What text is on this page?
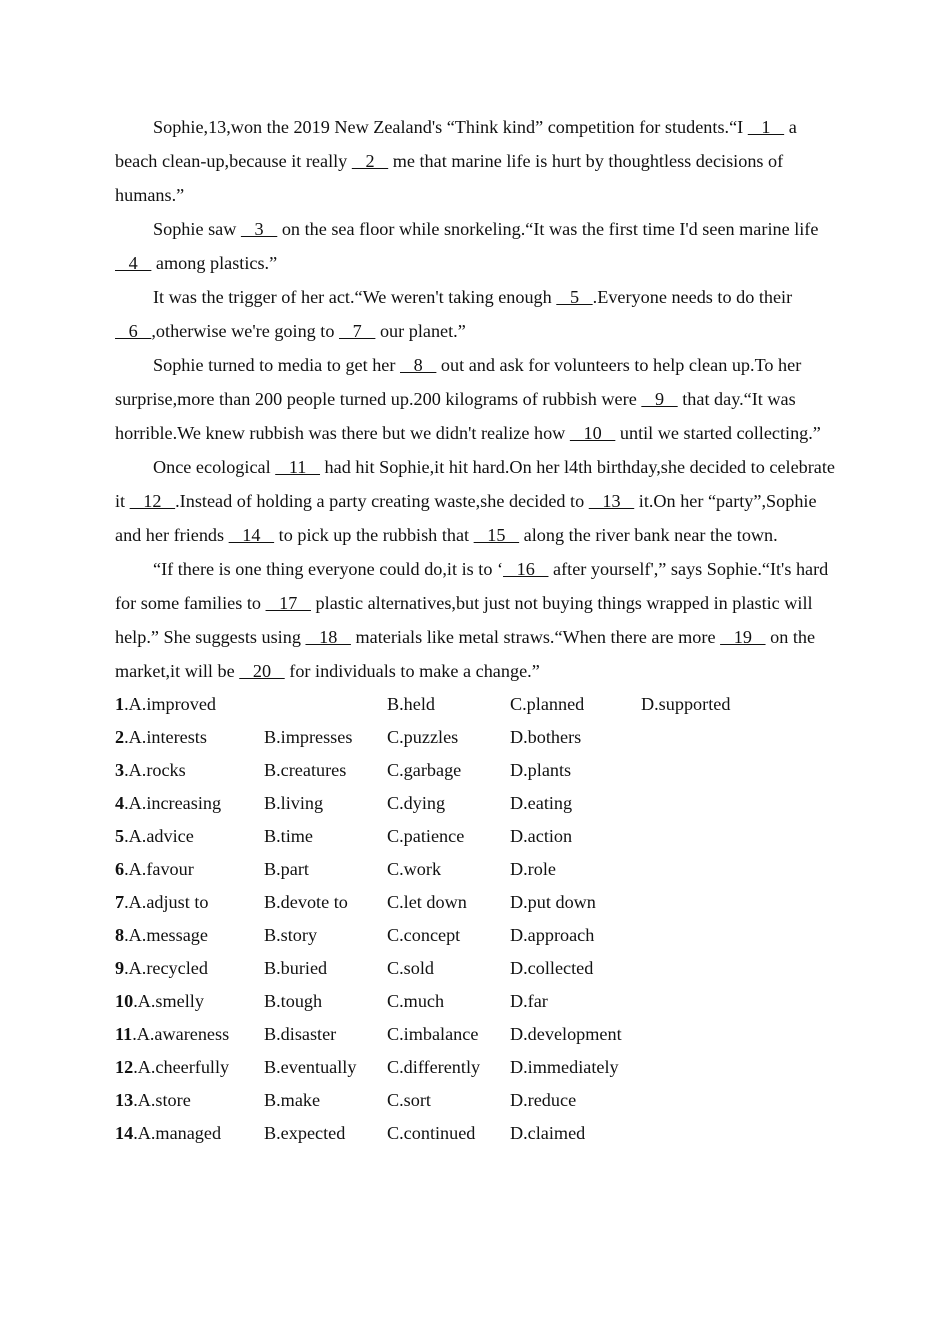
Sophie,13,won the 2019 New Zealand's “Think kind” competition for students.“I    1    a beach clean-up,because it really    2    me that marine life is hurt by thoughtless decisions of humans.”

Sophie saw    3    on the sea floor while snorkeling.“It was the first time I'd seen marine life    4    among plastics.”

It was the trigger of her act.“We weren't taking enough    5   .Everyone needs to do their    6   ,otherwise we're going to    7    our planet.”

Sophie turned to media to get her    8    out and ask for volunteers to help clean up.To her surprise,more than 200 people turned up.200 kilograms of rubbish were    9    that day.“It was horrible.We knew rubbish was there but we didn't realize how    10    until we started collecting.”

Once ecological    11    had hit Sophie,it hit hard.On her l4th birthday,she decided to celebrate it    12   .Instead of holding a party creating waste,she decided to    13    it.On her “party”,Sophie and her friends    14    to pick up the rubbish that    15    along the river bank near the town.

“If there is one thing everyone could do,it is to ‘   16    after yourself',” says Sophie.“It's hard for some families to    17    plastic alternatives,but just not buying things wrapped in plastic will help.” She suggests using    18    materials like metal straws.“When there are more    19    on the market,it will be    20    for individuals to make a change.”

1.A.improved	B.held	C.planned	D.supported
2.A.interests	B.impresses C.puzzles	D.bothers
3.A.rocks	B.creatures C.garbage	D.plants
4.A.increasing B.living	C.dying	D.eating
5.A.advice	B.time	C.patience	D.action
6.A.favour	B.part	C.work	D.role
7.A.adjust to	B.devote to C.let down D.put down
8.A.message	B.story	C.concept	D.approach
9.A.recycled	B.buried	C.sold	D.collected
10.A.smelly	B.tough	C.much	D.far
11.A.awareness B.disaster	C.imbalance D.development
12.A.cheerfully B.eventually C.differently D.immediately
13.A.store	B.make	C.sort	D.reduce
14.A.managed B.expected C.continued D.claimed
